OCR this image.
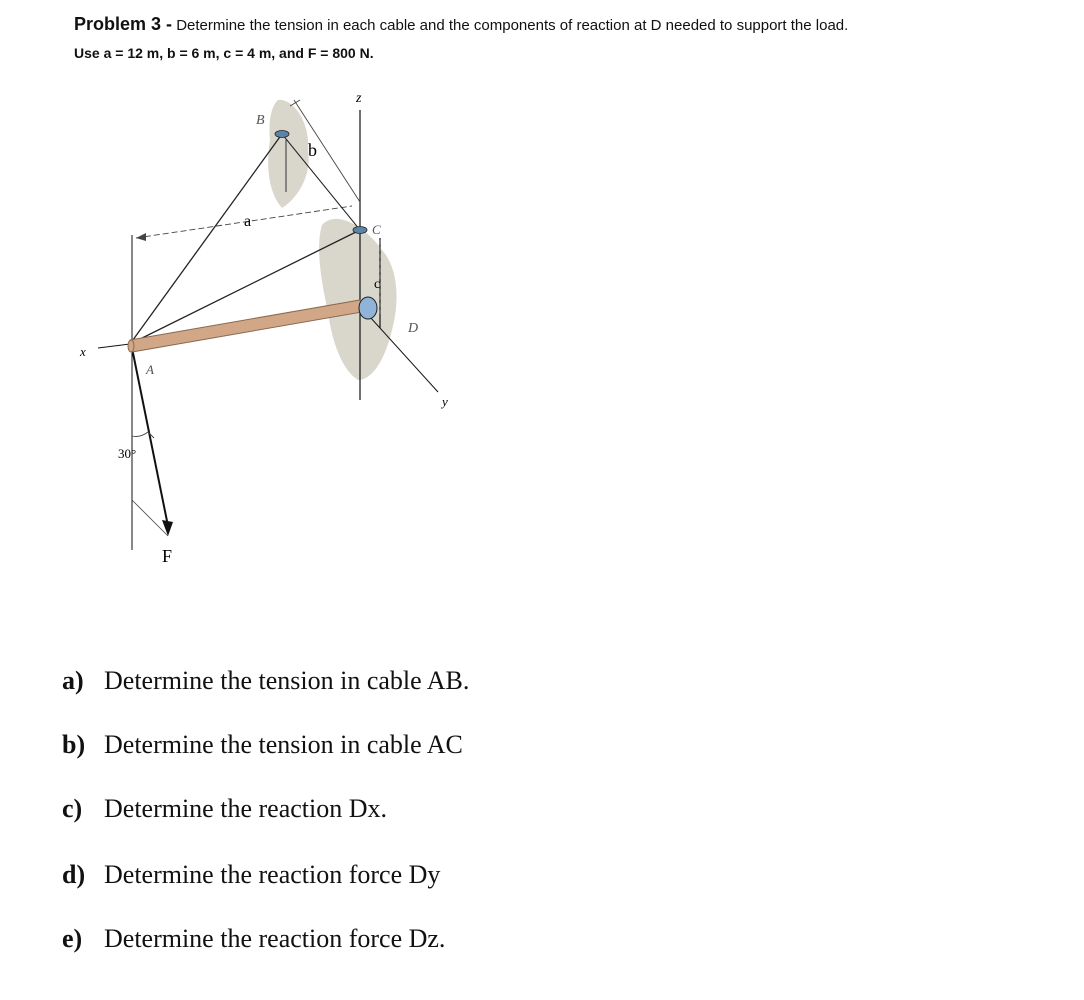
Problem 3 - Determine the tension in each cable and the components of reaction at D needed to support the load.
Use a = 12 m, b = 6 m, c = 4 m, and F = 800 N.
z
B
b
a	C
c
D
x
A
y
30°
F
a) Determine the tension in cable AB.
b) Determine the tension in cable AC
c) Determine the reaction Dx.
d) Determine the reaction force Dy
e) Determine the reaction force Dz.
